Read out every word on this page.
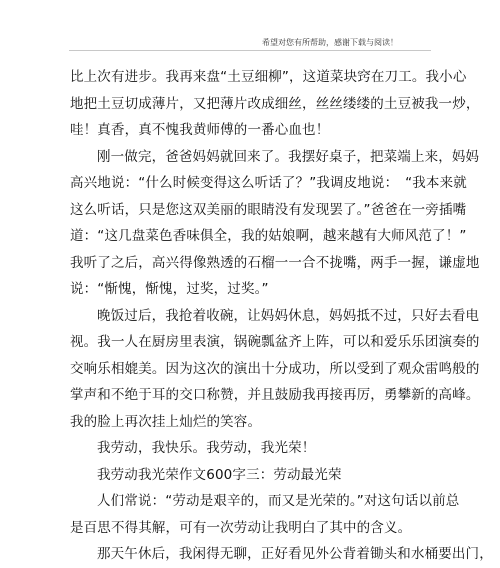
希望对您有所帮助，感谢下载与阅读！
比上次有进步。我再来盘“土豆细柳”，这道菜块窍在刀工。我小心
地把土豆切成薄片，又把薄片改成细丝，丝丝缕缕的土豆被我一炒，
哇！真香，真不愧我黄师傅的一番心血也！
刚一做完，爸爸妈妈就回来了。我摆好桌子，把菜端上来，妈妈
高兴地说：“什么时候变得这么听话了？”我调皮地说：　“我本来就
这么听话，只是您这双美丽的眼睛没有发现罢了。”爸爸在一旁插嘴
道：“这几盘菜色香味俱全，我的姑娘啊，越来越有大师风范了！”
我听了之后，高兴得像熟透的石榴一一合不拢嘴，两手一握，谦虚地
说：“惭愧，惭愧，过奖，过奖。”
晚饭过后，我抢着收碗，让妈妈休息，妈妈抵不过，只好去看电
视。我一人在厨房里表演，锅碗瓢盆齐上阵，可以和爱乐乐团演奏的
交响乐相媲美。因为这次的演出十分成功，所以受到了观众雷鸣般的
掌声和不绝于耳的交口称赞，并且鼓励我再接再厉，勇攀新的高峰。
我的脸上再次挂上灿烂的笑容。
我劳动，我快乐。我劳动，我光荣！
我劳动我光荣作文600字三：劳动最光荣
人们常说：“劳动是艰辛的，而又是光荣的。”对这句话以前总
是百思不得其解，可有一次劳动让我明白了其中的含义。
那天午休后，我闲得无聊，正好看见外公背着锄头和水桶要出门，
